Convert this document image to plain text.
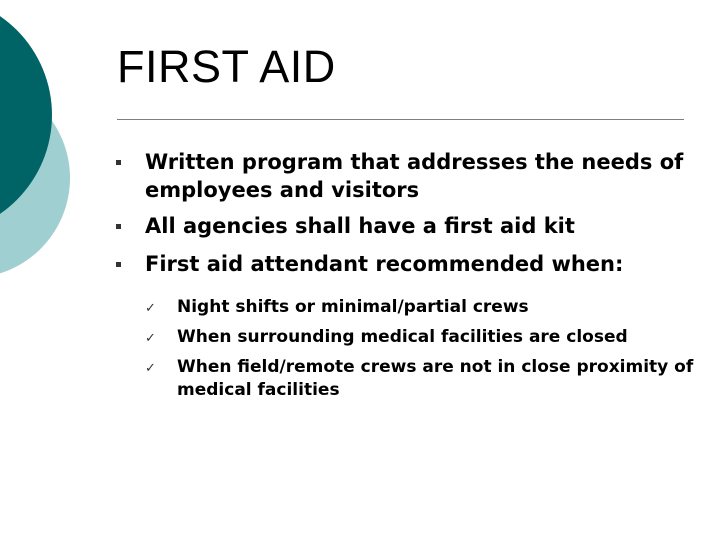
FIRST AID
Written program that addresses the needs of employees and visitors
All agencies shall have a first aid kit
First aid attendant recommended when:
✓ Night shifts or minimal/partial crews
✓ When surrounding medical facilities are closed
✓ When field/remote crews are not in close proximity of medical facilities
